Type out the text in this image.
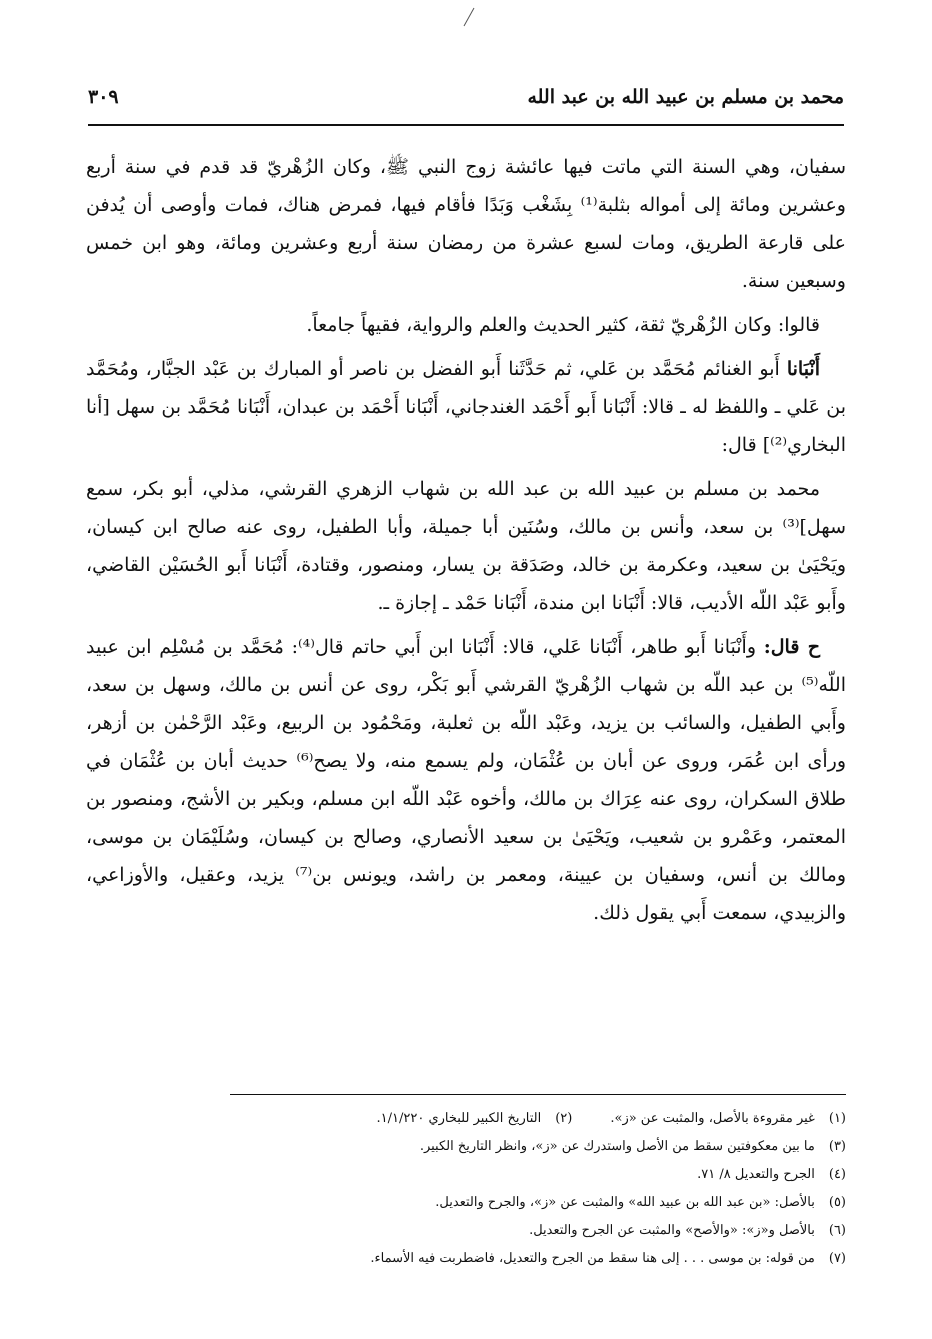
محمد بن مسلم بن عبيد الله بن عبد الله
٣٠٩

سفيان، وهي السنة التي ماتت فيها عائشة زوج النبي ﷺ، وكان الزُهْريّ قد قدم في سنة أربع وعشرين ومائة إلى أمواله بثلبة⁽¹⁾ بِشَغْب وَبَدًا فأقام فيها، فمرض هناك، فمات وأوصى أن يُدفن على قارعة الطريق، ومات لسبع عشرة من رمضان سنة أربع وعشرين ومائة، وهو ابن خمس وسبعين سنة.

قالوا: وكان الزُهْريّ ثقة، كثير الحديث والعلم والرواية، فقيهاً جامعاً.

أَنْبَانا أَبو الغنائم مُحَمَّد بن عَلي، ثم حَدَّثَنا أَبو الفضل بن ناصر أو المبارك بن عَبْد الجبَّار، ومُحَمَّد بن عَلي ـ واللفظ له ـ قالا: أَنْبَانا أَبو أَحْمَد الغندجاني، أَنْبَانا أَحْمَد بن عبدان، أَنْبَانا مُحَمَّد بن سهل [أنا البخاري⁽²⁾] قال:

محمد بن مسلم بن عبيد الله بن عبد الله بن شهاب الزهري القرشي، مذلي، أبو بكر، سمع سهل]⁽³⁾ بن سعد، وأنس بن مالك، وسُنَين أبا جميلة، وأبا الطفيل، روى عنه صالح ابن كيسان، ويَحْيَىٰ بن سعيد، وعكرمة بن خالد، وصَدَقة بن يسار، ومنصور، وقتادة، أَنْبَانا أَبو الحُسَيْن القاضي، وأَبو عَبْد اللّه الأديب، قالا: أَنْبَانا ابن مندة، أَنْبَانا حَمْد ـ إجازة ـ.

ح قال: وأَنْبَانا أَبو طاهر، أَنْبَانا عَلي، قالا: أَنْبَانا ابن أَبي حاتم قال⁽⁴⁾: مُحَمَّد بن مُسْلِم ابن عبيد اللّه⁽⁵⁾ بن عبد اللّه بن شهاب الزُهْريّ القرشي أَبو بَكْر، روى عن أنس بن مالك، وسهل بن سعد، وأَبي الطفيل، والسائب بن يزيد، وعَبْد اللّه بن ثعلبة، ومَحْمُود بن الربيع، وعَبْد الرَّحْمٰن بن أزهر، ورأى ابن عُمَر، وروى عن أبان بن عُثْمَان، ولم يسمع منه، ولا يصح⁽⁶⁾ حديث أبان بن عُثْمَان في طلاق السكران، روى عنه عِرَاك بن مالك، وأخوه عَبْد اللّه ابن مسلم، وبكير بن الأشج، ومنصور بن المعتمر، وعَمْرو بن شعيب، ويَحْيَىٰ بن سعيد الأنصاري، وصالح بن كيسان، وسُلَيْمَان بن موسى، ومالك بن أنس، وسفيان بن عيينة، ومعمر بن راشد، ويونس بن⁽⁷⁾ يزيد، وعقيل، والأوزاعي، والزبيدي، سمعت أَبي يقول ذلك.

(١)غير مقروءة بالأصل، والمثبت عن «ز».
(٢)التاريخ الكبير للبخاري ١/١/٢٢٠.
(٣)ما بين معكوفتين سقط من الأصل واستدرك عن «ز»، وانظر التاريخ الكبير.
(٤)الجرح والتعديل ٨/ ٧١.
(٥)بالأصل: «بن عبد الله بن عبيد الله» والمثبت عن «ز»، والجرح والتعديل.
(٦)بالأصل و«ز»: «والأصح» والمثبت عن الجرح والتعديل.
(٧)من قوله: بن موسى . . . إلى هنا سقط من الجرح والتعديل، فاضطربت فيه الأسماء.
